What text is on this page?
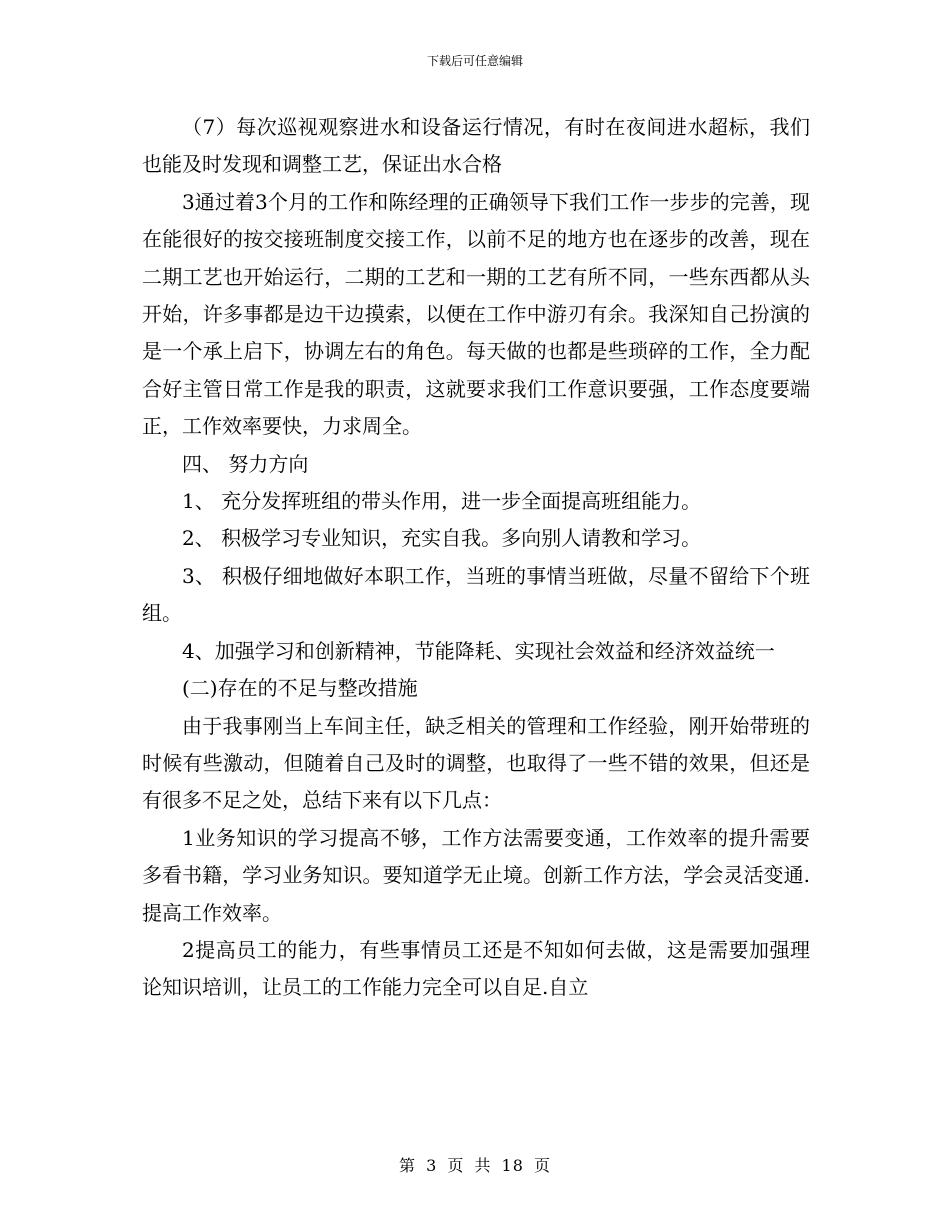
下载后可任意编辑

（7）每次巡视观察进水和设备运行情况，有时在夜间进水超标，我们也能及时发现和调整工艺，保证出水合格

3通过着3个月的工作和陈经理的正确领导下我们工作一步步的完善，现在能很好的按交接班制度交接工作，以前不足的地方也在逐步的改善，现在二期工艺也开始运行，二期的工艺和一期的工艺有所不同，一些东西都从头开始，许多事都是边干边摸索，以便在工作中游刃有余。我深知自己扮演的是一个承上启下，协调左右的角色。每天做的也都是些琐碎的工作，全力配合好主管日常工作是我的职责，这就要求我们工作意识要强，工作态度要端正，工作效率要快，力求周全。

四、 努力方向

1、 充分发挥班组的带头作用，进一步全面提高班组能力。

2、 积极学习专业知识，充实自我。多向别人请教和学习。

3、 积极仔细地做好本职工作，当班的事情当班做，尽量不留给下个班组。

4、加强学习和创新精神，节能降耗、实现社会效益和经济效益统一

(二)存在的不足与整改措施

由于我事刚当上车间主任，缺乏相关的管理和工作经验，刚开始带班的时候有些激动，但随着自己及时的调整，也取得了一些不错的效果，但还是有很多不足之处，总结下来有以下几点：

1业务知识的学习提高不够，工作方法需要变通，工作效率的提升需要多看书籍，学习业务知识。要知道学无止境。创新工作方法，学会灵活变通.提高工作效率。

2提高员工的能力，有些事情员工还是不知如何去做，这是需要加强理论知识培训，让员工的工作能力完全可以自足.自立

第 3 页 共 18 页
